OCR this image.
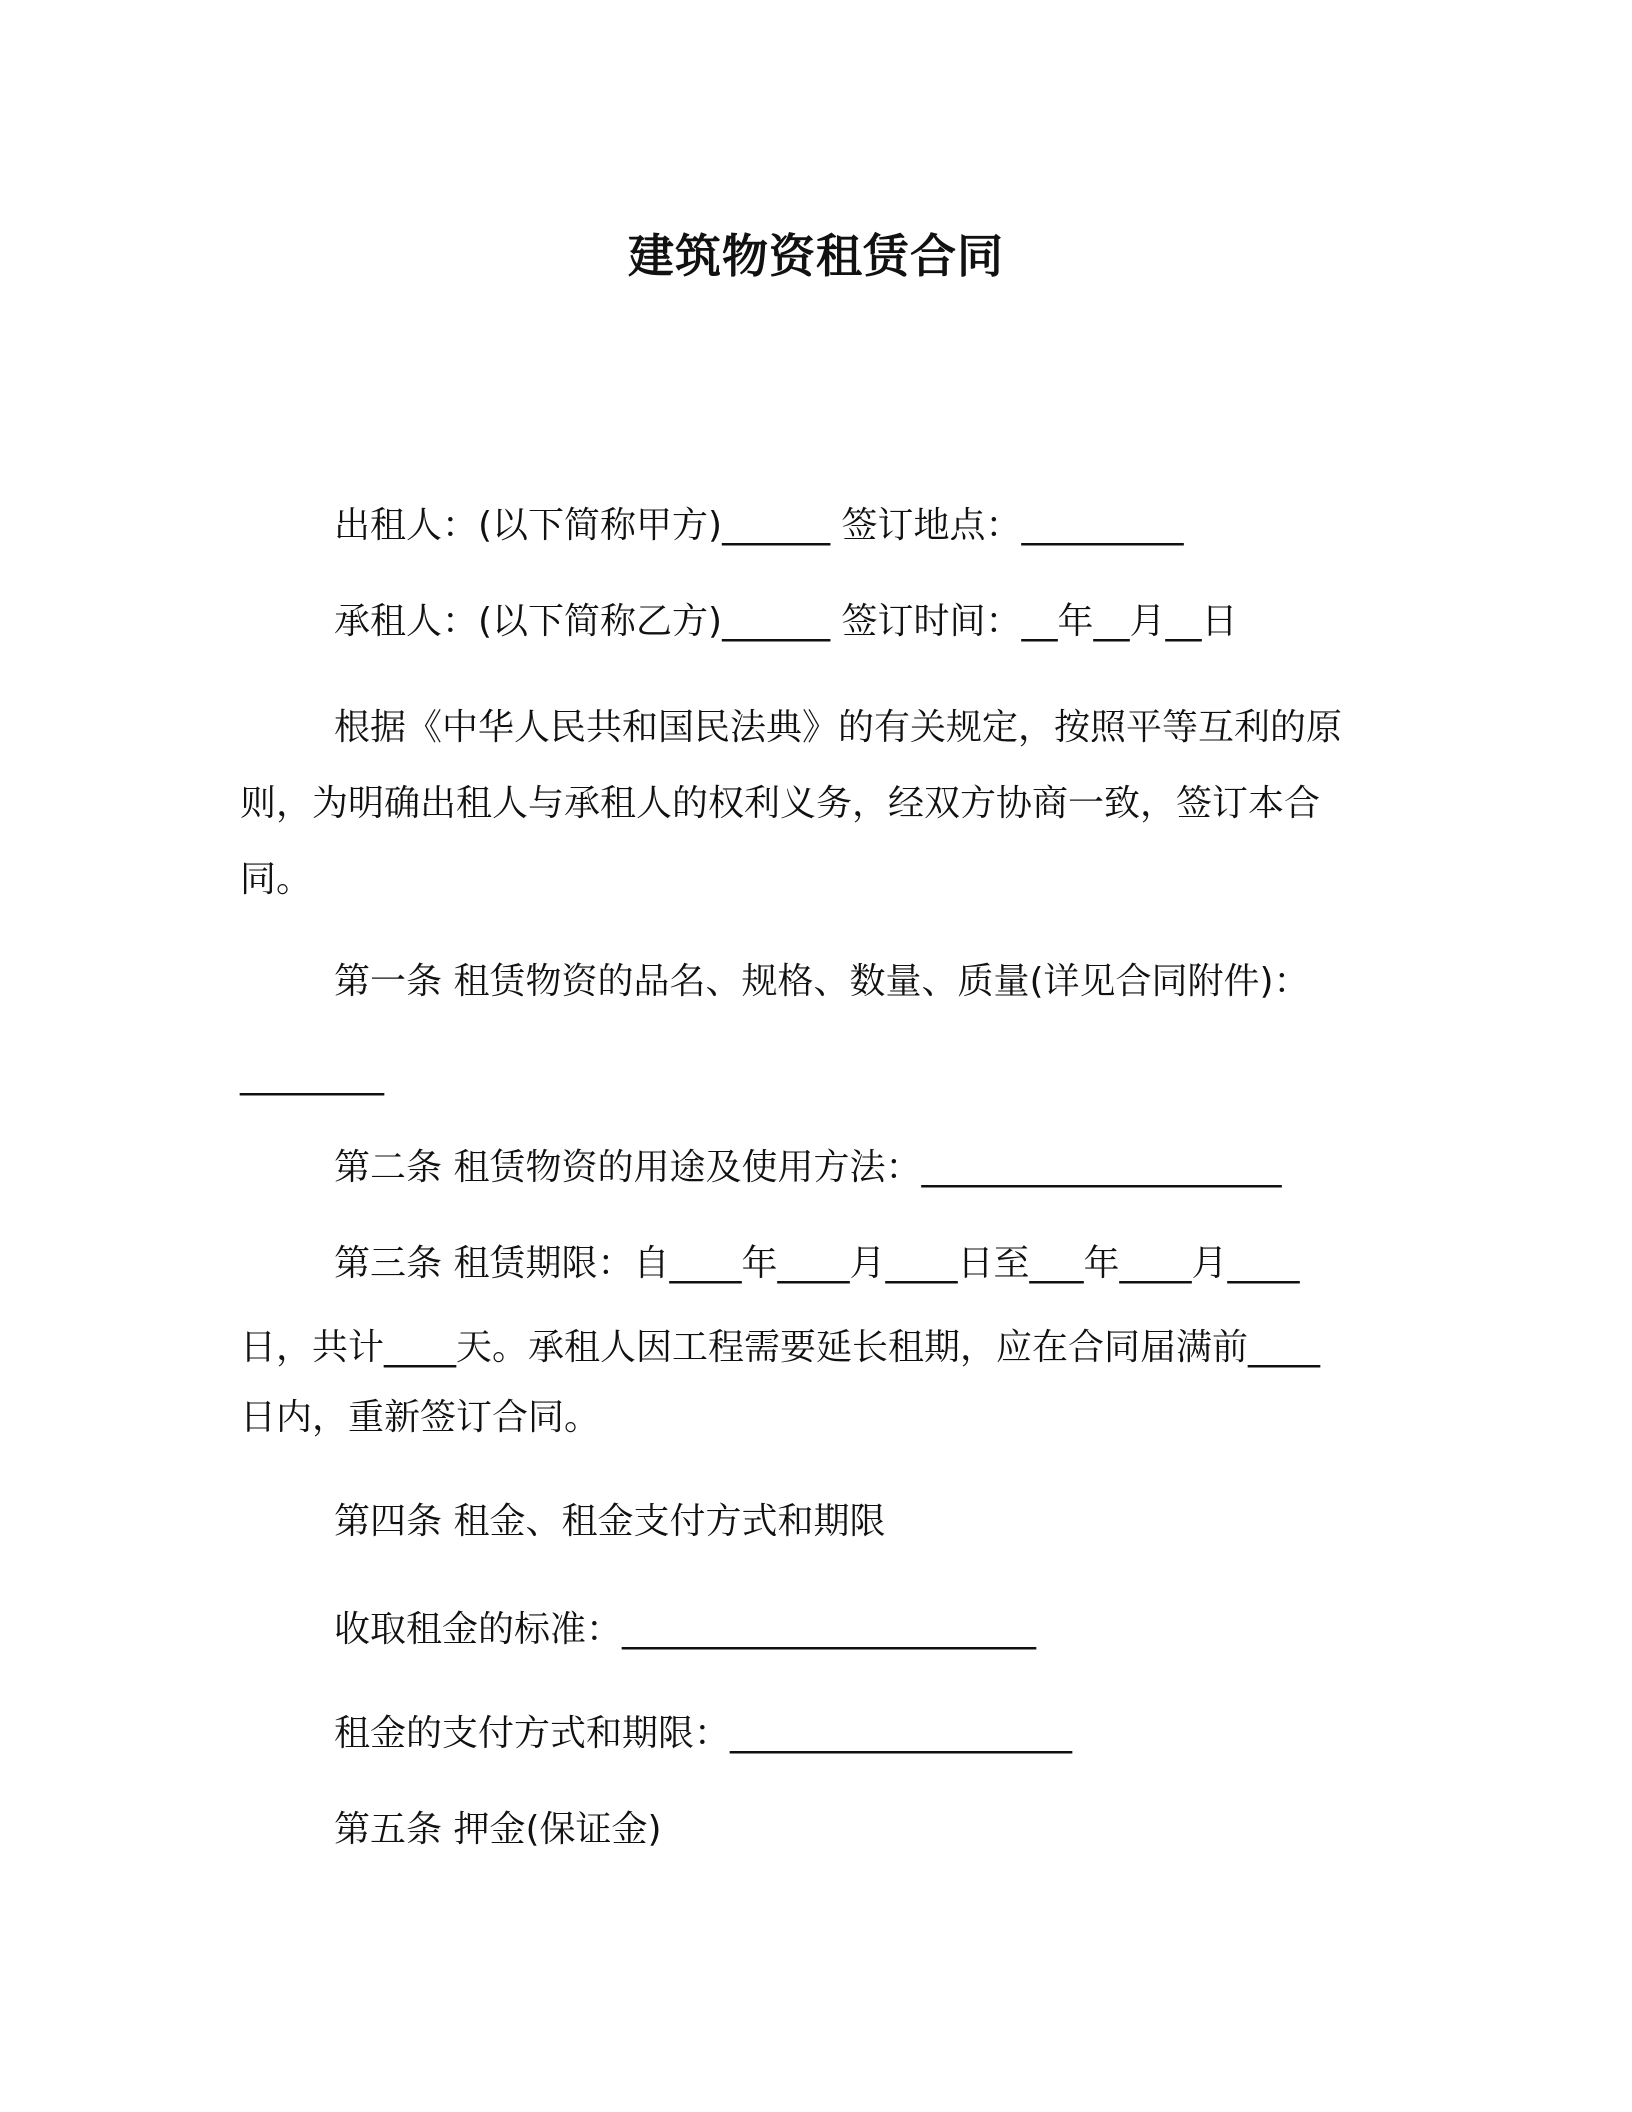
建筑物资租赁合同

出租人：(以下简称甲方)______ 签订地点：_________

承租人：(以下简称乙方)______ 签订时间：__年__月__日

根据《中华人民共和国民法典》的有关规定，按照平等互利的原

则，为明确出租人与承租人的权利义务，经双方协商一致，签订本合

同。

第一条 租赁物资的品名、规格、数量、质量(详见合同附件)：

________

第二条 租赁物资的用途及使用方法：____________________

第三条 租赁期限：自____年____月____日至___年____月____

日，共计____天。承租人因工程需要延长租期，应在合同届满前____

日内，重新签订合同。

第四条 租金、租金支付方式和期限

收取租金的标准：_______________________

租金的支付方式和期限：___________________

第五条 押金(保证金)
